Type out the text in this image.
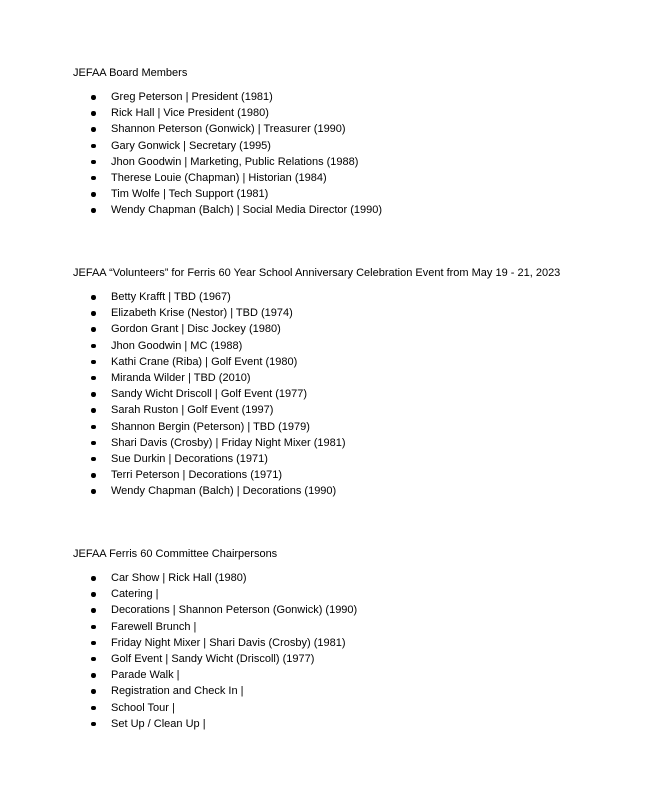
JEFAA Board Members

Greg Peterson | President (1981)
Rick Hall | Vice President (1980)
Shannon Peterson (Gonwick) | Treasurer (1990)
Gary Gonwick | Secretary (1995)
Jhon Goodwin | Marketing, Public Relations (1988)
Therese Louie (Chapman) | Historian (1984)
Tim Wolfe | Tech Support (1981)
Wendy Chapman (Balch) | Social Media Director (1990)

JEFAA “Volunteers” for Ferris 60 Year School Anniversary Celebration Event from May 19 - 21, 2023

Betty Krafft | TBD (1967)
Elizabeth Krise (Nestor) | TBD (1974)
Gordon Grant | Disc Jockey (1980)
Jhon Goodwin | MC (1988)
Kathi Crane (Riba) | Golf Event (1980)
Miranda Wilder | TBD (2010)
Sandy Wicht Driscoll | Golf Event (1977)
Sarah Ruston | Golf Event (1997)
Shannon Bergin (Peterson) | TBD (1979)
Shari Davis (Crosby) | Friday Night Mixer (1981)
Sue Durkin | Decorations (1971)
Terri Peterson | Decorations (1971)
Wendy Chapman (Balch) | Decorations (1990)

JEFAA Ferris 60 Committee Chairpersons

Car Show | Rick Hall (1980)
Catering |
Decorations | Shannon Peterson (Gonwick) (1990)
Farewell Brunch |
Friday Night Mixer | Shari Davis (Crosby) (1981)
Golf Event | Sandy Wicht (Driscoll) (1977)
Parade Walk |
Registration and Check In |
School Tour |
Set Up / Clean Up |
